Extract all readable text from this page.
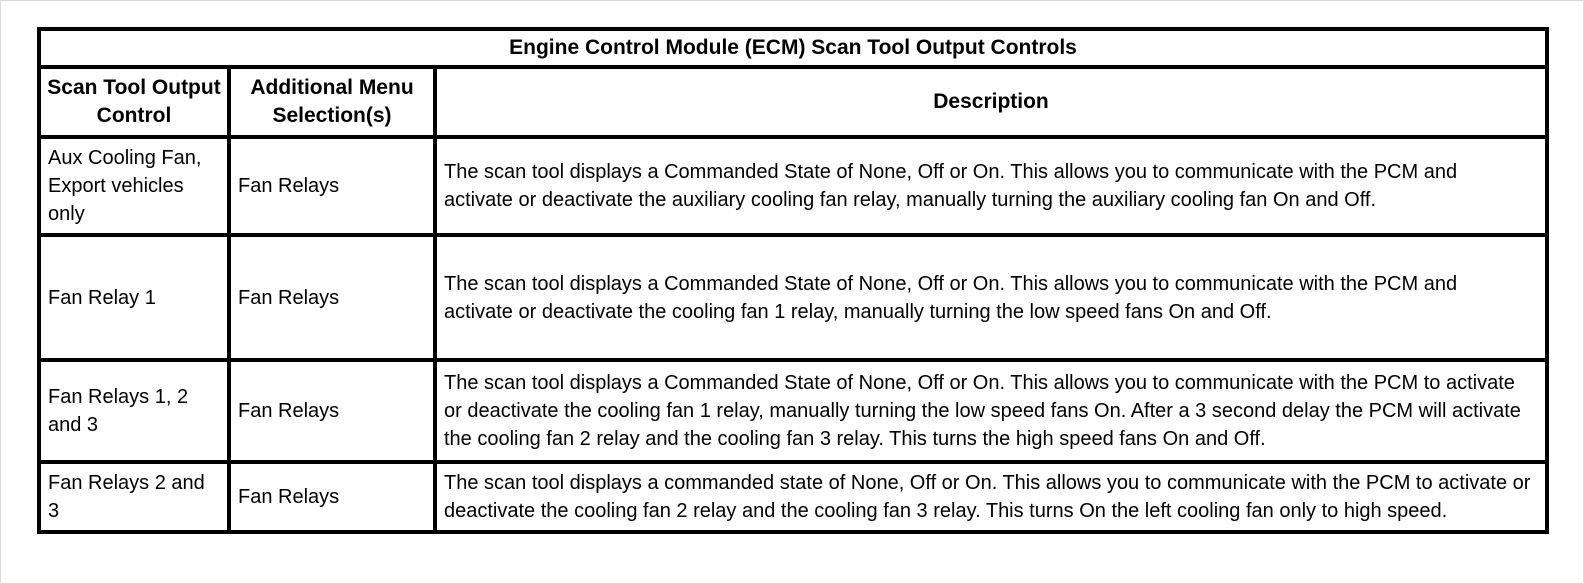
Engine Control Module (ECM) Scan Tool Output Controls		
Scan Tool Output Control	Additional Menu Selection(s)	Description
Aux Cooling Fan, Export vehicles only	Fan Relays	The scan tool displays a Commanded State of None, Off or On. This allows you to communicate with the PCM and activate or deactivate the auxiliary cooling fan relay, manually turning the auxiliary cooling fan On and Off.
Fan Relay 1	Fan Relays	The scan tool displays a Commanded State of None, Off or On. This allows you to communicate with the PCM and activate or deactivate the cooling fan 1 relay, manually turning the low speed fans On and Off.
Fan Relays 1, 2 and 3	Fan Relays	The scan tool displays a Commanded State of None, Off or On. This allows you to communicate with the PCM to activate or deactivate the cooling fan 1 relay, manually turning the low speed fans On. After a 3 second delay the PCM will activate the cooling fan 2 relay and the cooling fan 3 relay. This turns the high speed fans On and Off.
Fan Relays 2 and 3	Fan Relays	The scan tool displays a commanded state of None, Off or On. This allows you to communicate with the PCM to activate or deactivate the cooling fan 2 relay and the cooling fan 3 relay. This turns On the left cooling fan only to high speed.
